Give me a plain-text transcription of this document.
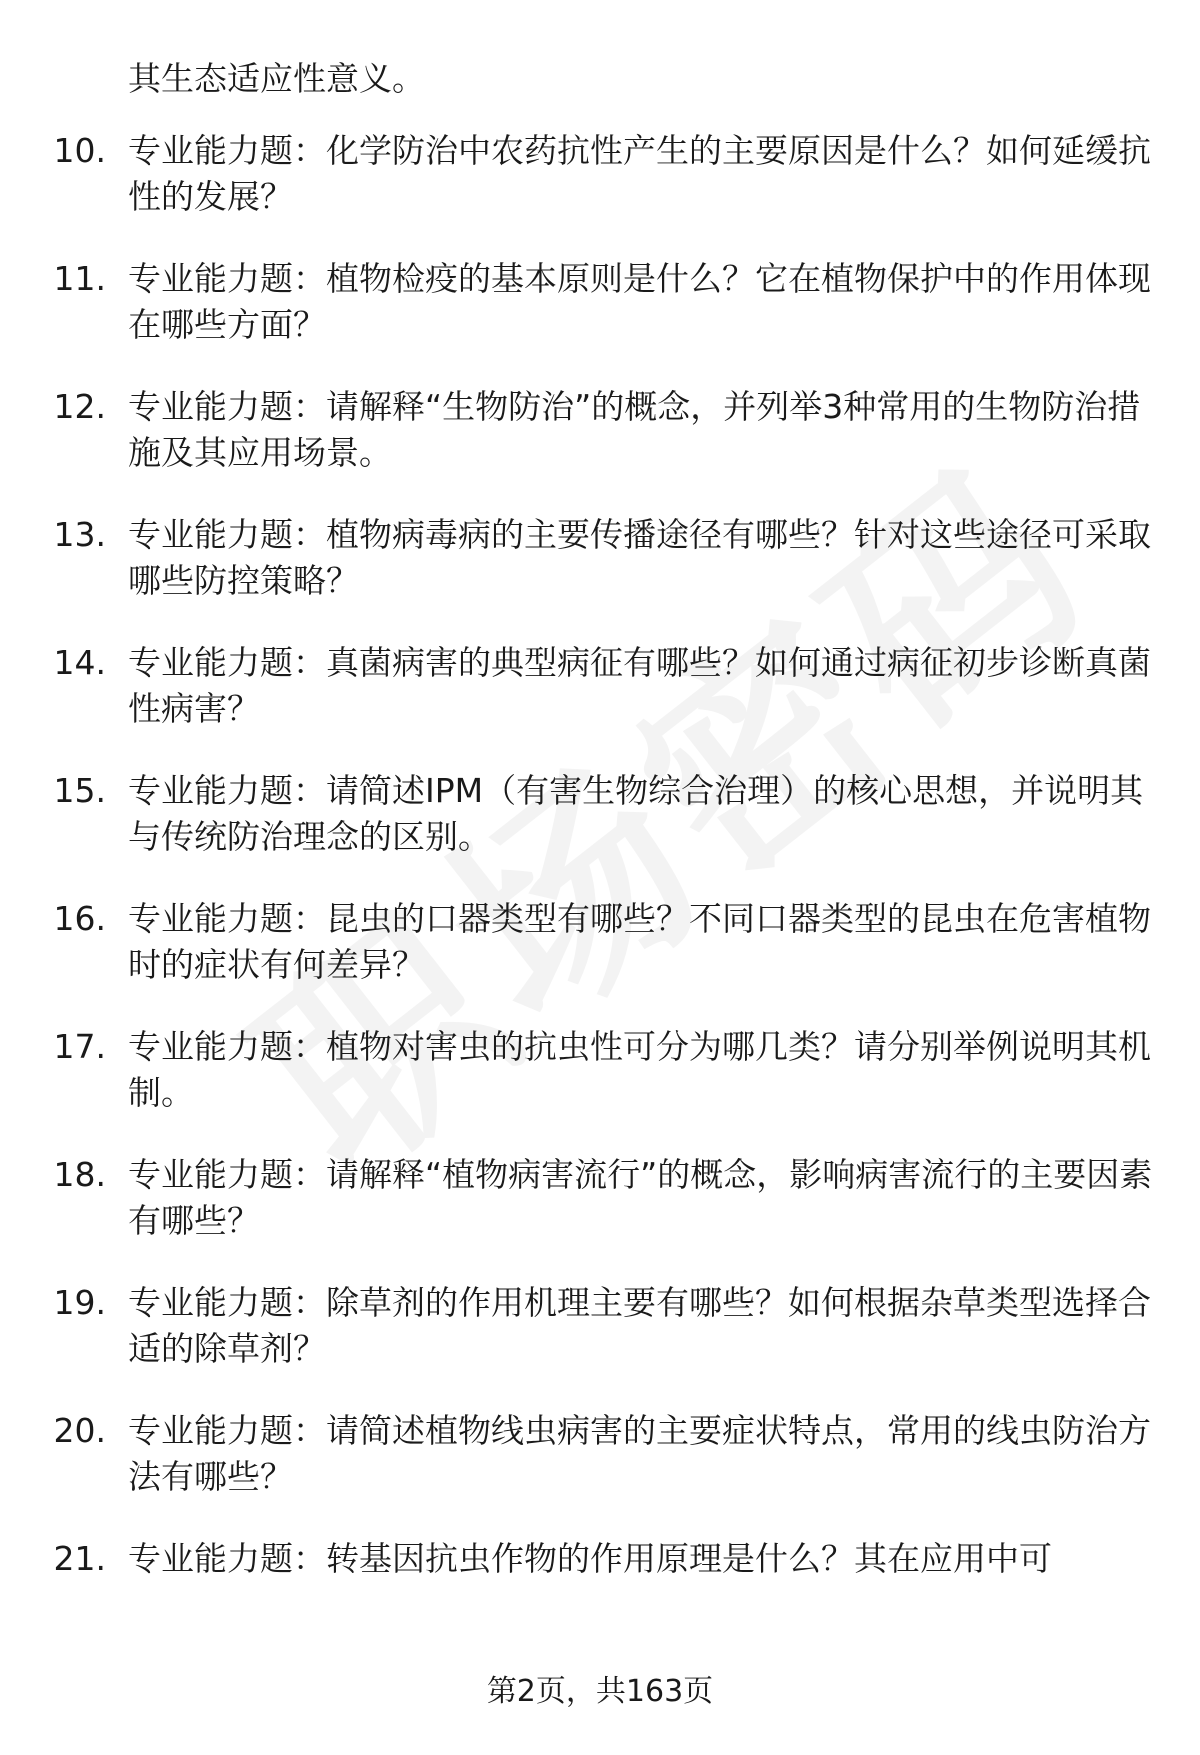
其生态适应性意义。
10. 专业能力题：化学防治中农药抗性产生的主要原因是什么？如何延缓抗性的发展？
11. 专业能力题：植物检疫的基本原则是什么？它在植物保护中的作用体现在哪些方面？
12. 专业能力题：请解释“生物防治”的概念，并列举3种常用的生物防治措施及其应用场景。
13. 专业能力题：植物病毒病的主要传播途径有哪些？针对这些途径可采取哪些防控策略？
14. 专业能力题：真菌病害的典型病征有哪些？如何通过病征初步诊断真菌性病害？
15. 专业能力题：请简述IPM（有害生物综合治理）的核心思想，并说明其与传统防治理念的区别。
16. 专业能力题：昆虫的口器类型有哪些？不同口器类型的昆虫在危害植物时的症状有何差异？
17. 专业能力题：植物对害虫的抗虫性可分为哪几类？请分别举例说明其机制。
18. 专业能力题：请解释“植物病害流行”的概念，影响病害流行的主要因素有哪些？
19. 专业能力题：除草剂的作用机理主要有哪些？如何根据杂草类型选择合适的除草剂？
20. 专业能力题：请简述植物线虫病害的主要症状特点，常用的线虫防治方法有哪些？
21. 专业能力题：转基因抗虫作物的作用原理是什么？其在应用中可
第2页，共163页
